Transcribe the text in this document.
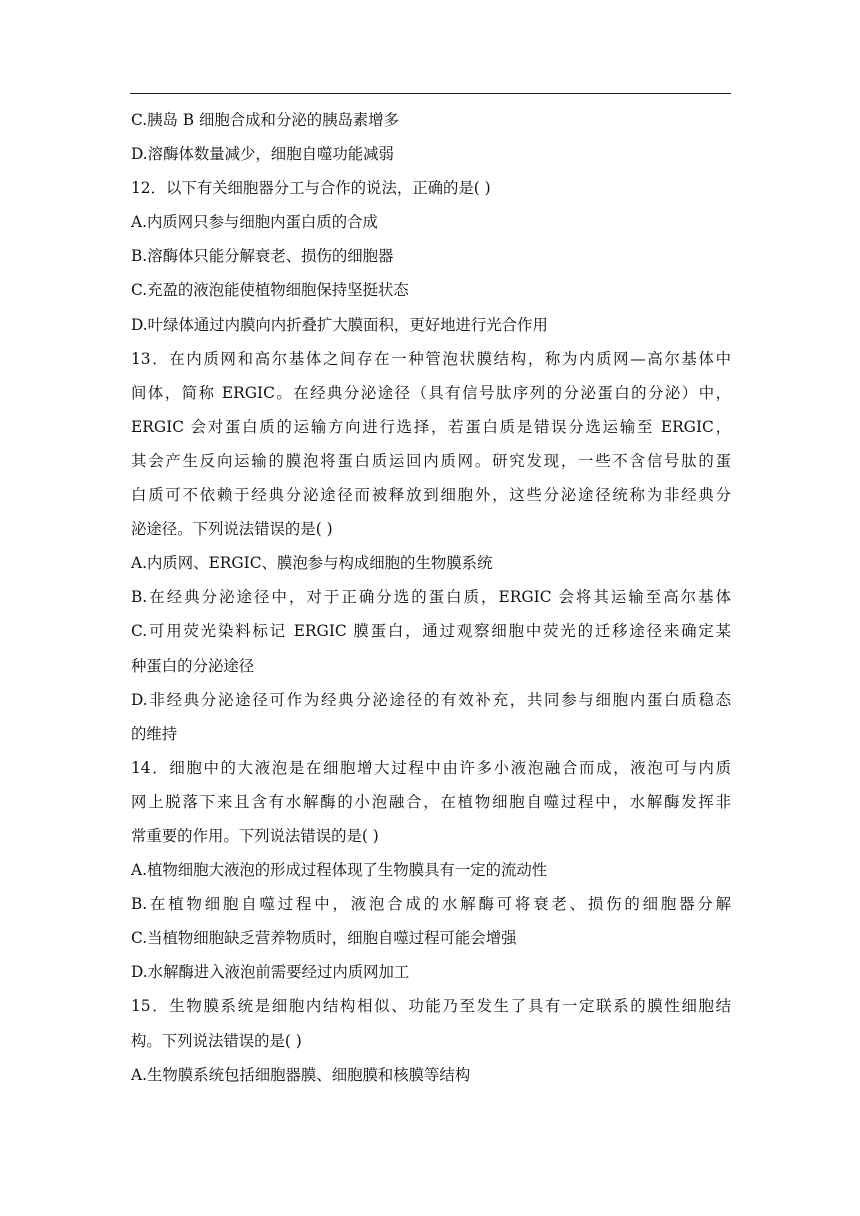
C.胰岛 B 细胞合成和分泌的胰岛素增多
D.溶酶体数量减少，细胞自噬功能减弱
12．以下有关细胞器分工与合作的说法，正确的是( )
A.内质网只参与细胞内蛋白质的合成
B.溶酶体只能分解衰老、损伤的细胞器
C.充盈的液泡能使植物细胞保持坚挺状态
D.叶绿体通过内膜向内折叠扩大膜面积，更好地进行光合作用
13．在内质网和高尔基体之间存在一种管泡状膜结构，称为内质网—高尔基体中
间体，简称 ERGIC。在经典分泌途径（具有信号肽序列的分泌蛋白的分泌）中，
ERGIC 会对蛋白质的运输方向进行选择，若蛋白质是错误分选运输至 ERGIC，
其会产生反向运输的膜泡将蛋白质运回内质网。研究发现，一些不含信号肽的蛋
白质可不依赖于经典分泌途径而被释放到细胞外，这些分泌途径统称为非经典分
泌途径。下列说法错误的是( )
A.内质网、ERGIC、膜泡参与构成细胞的生物膜系统
B.在经典分泌途径中，对于正确分选的蛋白质，ERGIC 会将其运输至高尔基体
C.可用荧光染料标记 ERGIC 膜蛋白，通过观察细胞中荧光的迁移途径来确定某
种蛋白的分泌途径
D.非经典分泌途径可作为经典分泌途径的有效补充，共同参与细胞内蛋白质稳态
的维持
14．细胞中的大液泡是在细胞增大过程中由许多小液泡融合而成，液泡可与内质
网上脱落下来且含有水解酶的小泡融合，在植物细胞自噬过程中，水解酶发挥非
常重要的作用。下列说法错误的是( )
A.植物细胞大液泡的形成过程体现了生物膜具有一定的流动性
B.在植物细胞自噬过程中，液泡合成的水解酶可将衰老、损伤的细胞器分解
C.当植物细胞缺乏营养物质时，细胞自噬过程可能会增强
D.水解酶进入液泡前需要经过内质网加工
15．生物膜系统是细胞内结构相似、功能乃至发生了具有一定联系的膜性细胞结
构。下列说法错误的是( )
A.生物膜系统包括细胞器膜、细胞膜和核膜等结构
